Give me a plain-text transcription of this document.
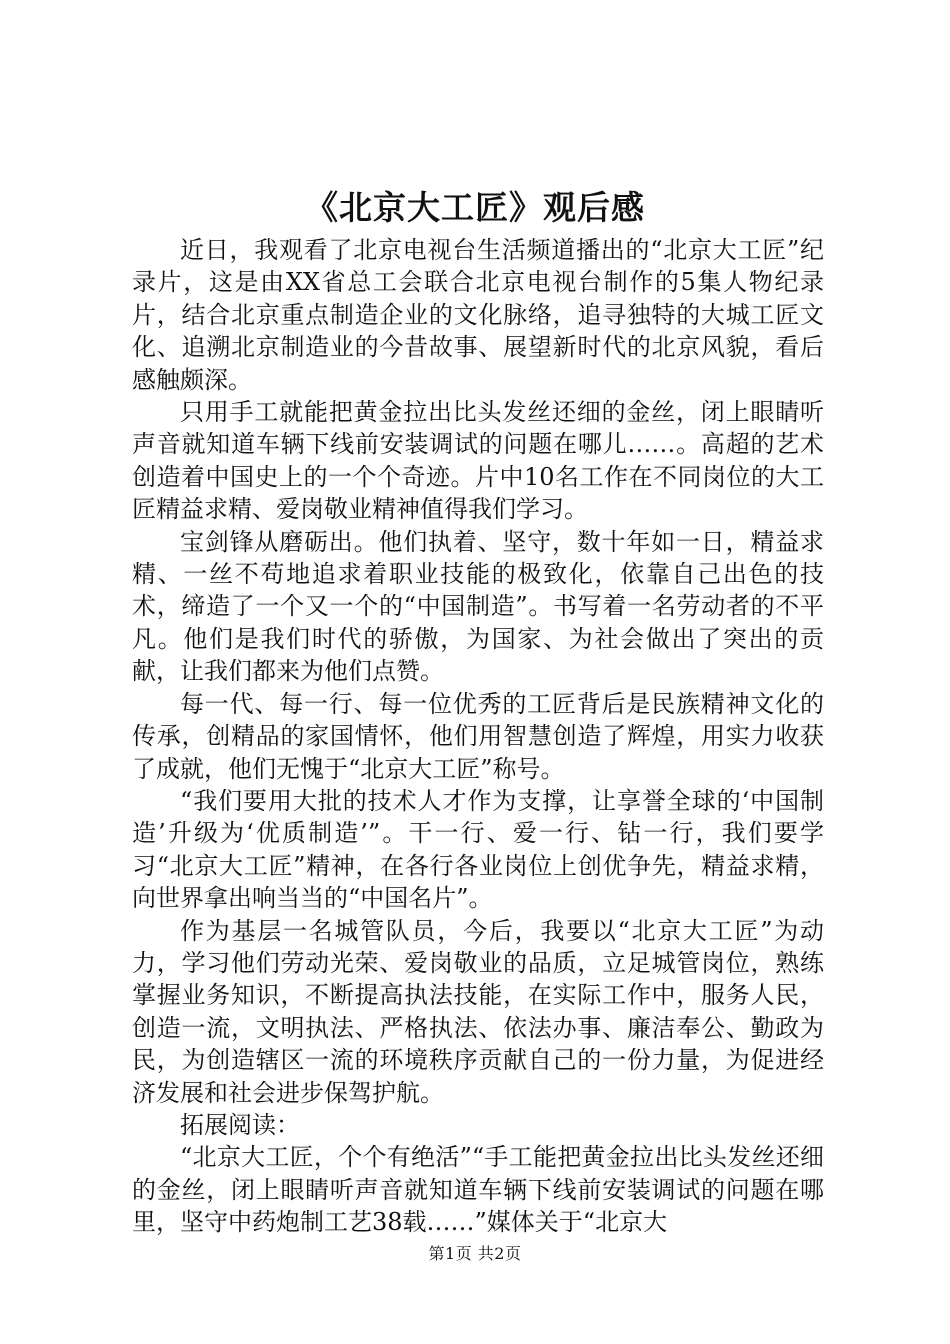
《北京大工匠》观后感

近日，我观看了北京电视台生活频道播出的“北京大工匠”纪录片，这是由XX省总工会联合北京电视台制作的5集人物纪录片，结合北京重点制造企业的文化脉络，追寻独特的大城工匠文化、追溯北京制造业的今昔故事、展望新时代的北京风貌，看后感触颇深。

只用手工就能把黄金拉出比头发丝还细的金丝，闭上眼睛听声音就知道车辆下线前安装调试的问题在哪儿……。高超的艺术创造着中国史上的一个个奇迹。片中10名工作在不同岗位的大工匠精益求精、爱岗敬业精神值得我们学习。

宝剑锋从磨砺出。他们执着、坚守，数十年如一日，精益求精、一丝不苟地追求着职业技能的极致化，依靠自己出色的技术，缔造了一个又一个的“中国制造”。书写着一名劳动者的不平凡。他们是我们时代的骄傲，为国家、为社会做出了突出的贡献，让我们都来为他们点赞。

每一代、每一行、每一位优秀的工匠背后是民族精神文化的传承，创精品的家国情怀，他们用智慧创造了辉煌，用实力收获了成就，他们无愧于“北京大工匠”称号。

“我们要用大批的技术人才作为支撑，让享誉全球的‘中国制造’升级为‘优质制造’”。干一行、爱一行、钻一行，我们要学习“北京大工匠”精神，在各行各业岗位上创优争先，精益求精，向世界拿出响当当的“中国名片”。

作为基层一名城管队员，今后，我要以“北京大工匠”为动力，学习他们劳动光荣、爱岗敬业的品质，立足城管岗位，熟练掌握业务知识，不断提高执法技能，在实际工作中，服务人民，创造一流，文明执法、严格执法、依法办事、廉洁奉公、勤政为民，为创造辖区一流的环境秩序贡献自己的一份力量，为促进经济发展和社会进步保驾护航。

拓展阅读：

“北京大工匠，个个有绝活”“手工能把黄金拉出比头发丝还细的金丝，闭上眼睛听声音就知道车辆下线前安装调试的问题在哪里，坚守中药炮制工艺38载……”媒体关于“北京大

第1页 共2页
